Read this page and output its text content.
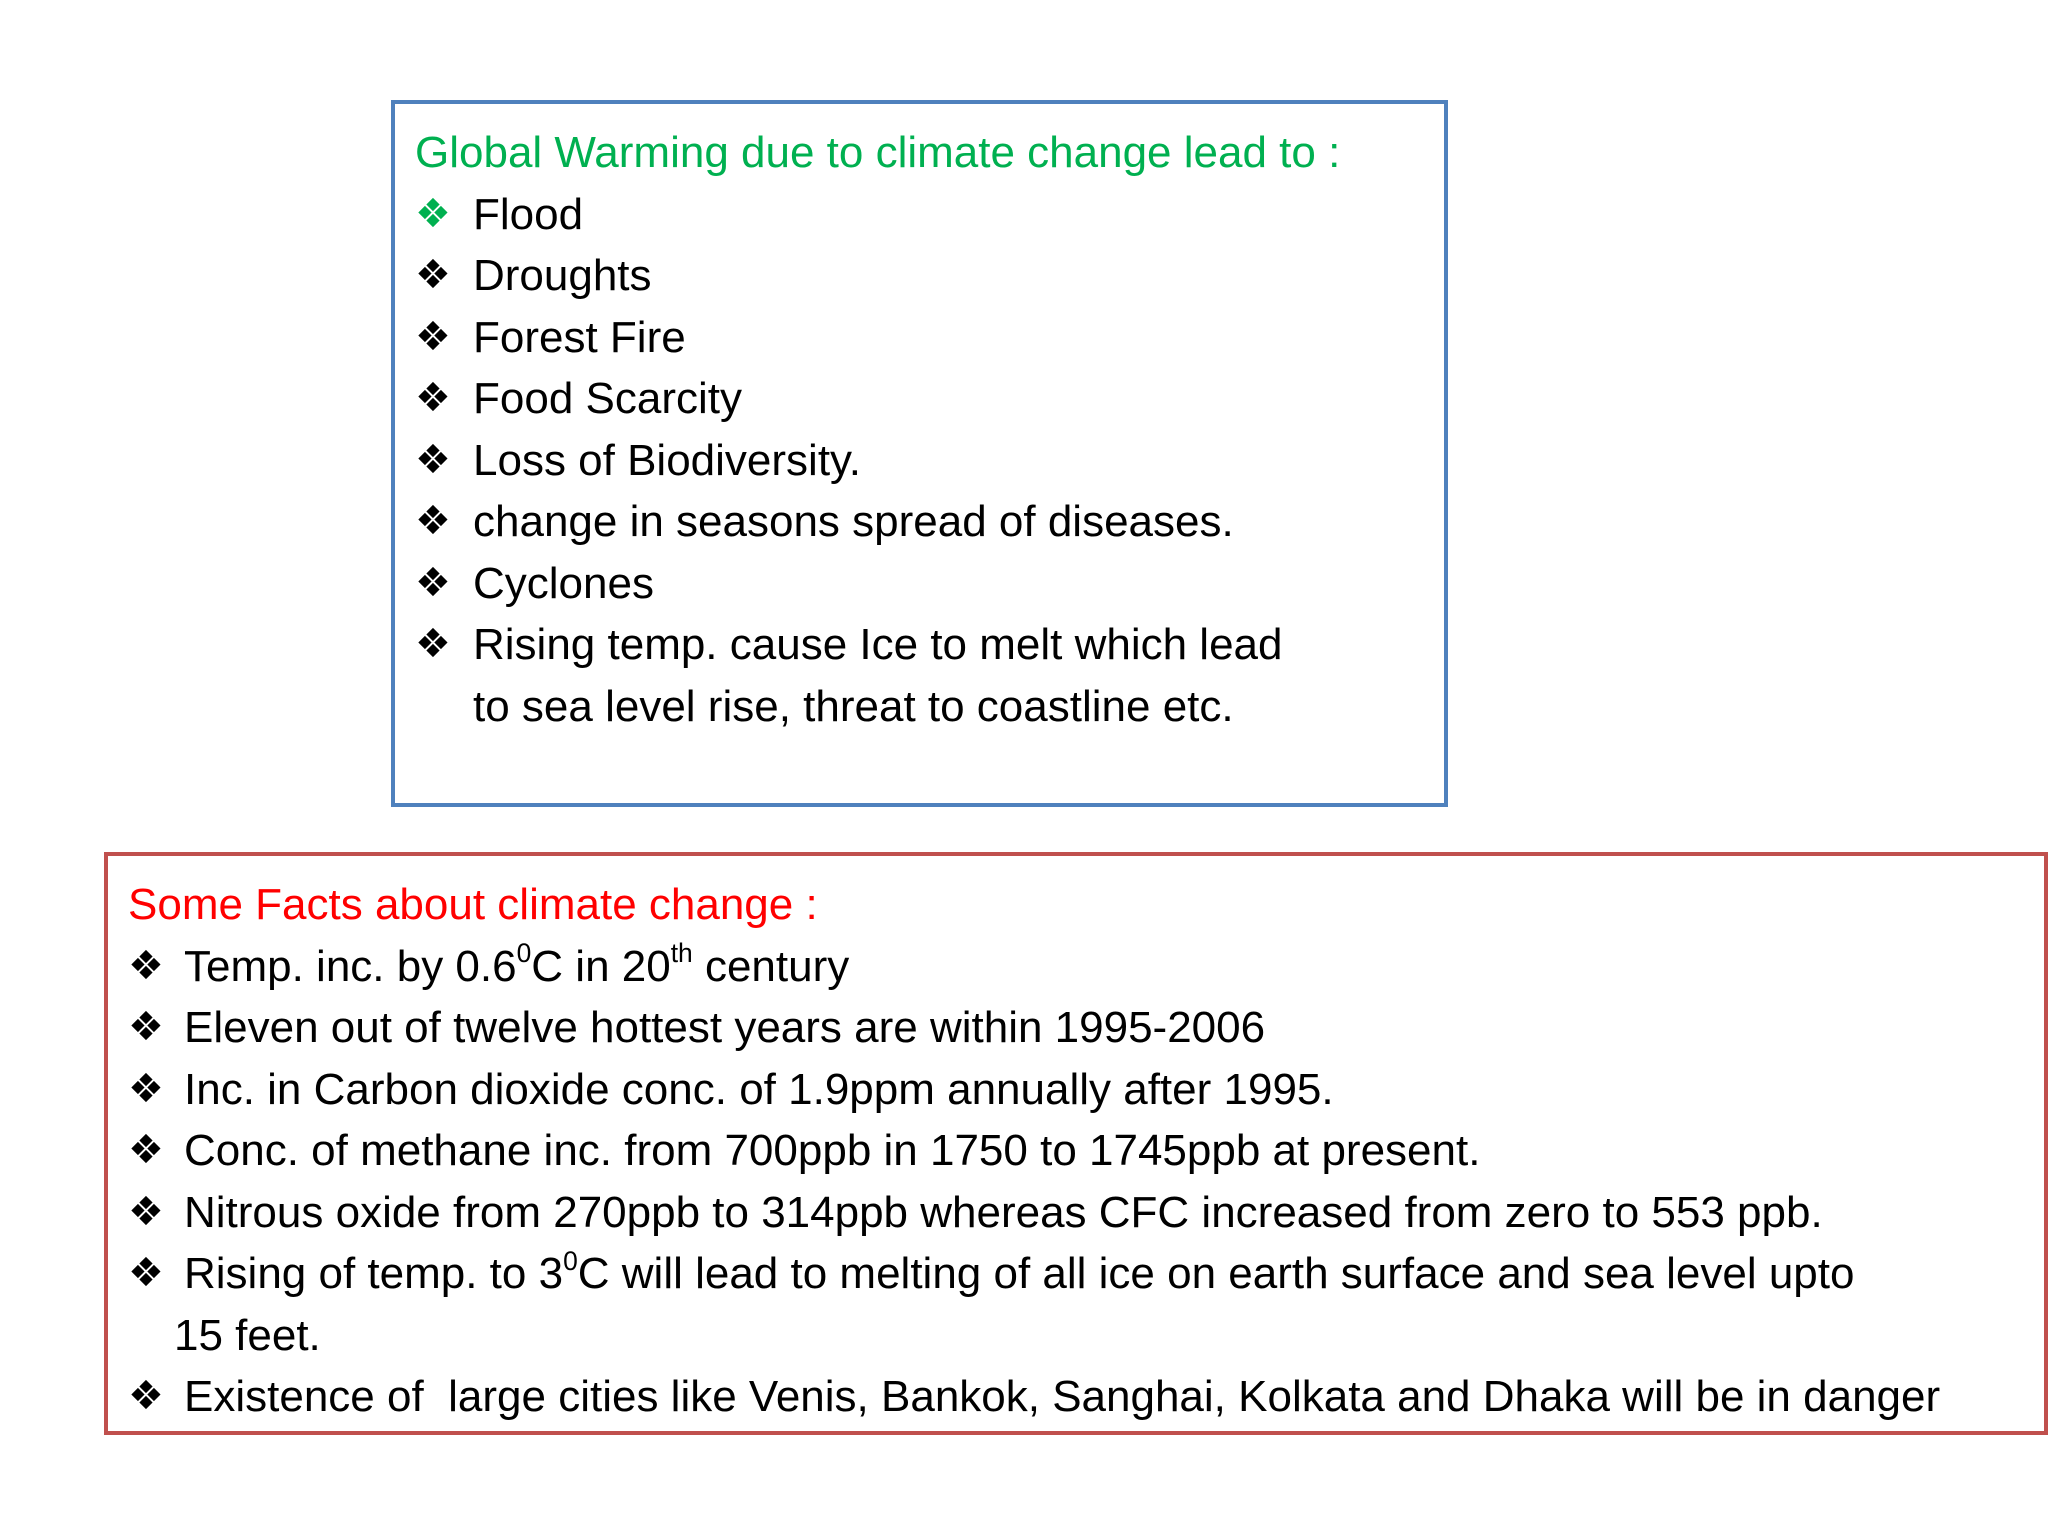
Global Warming due to climate change lead to :
❖ Flood
❖ Droughts
❖ Forest Fire
❖ Food Scarcity
❖ Loss of Biodiversity.
❖ change in seasons spread of diseases.
❖ Cyclones
❖ Rising temp. cause Ice to melt which lead
to sea level rise, threat to coastline etc.
Some Facts about climate change :
❖ Temp. inc. by $0.6^0C$ in 20th century
❖ Eleven out of twelve hottest years are within 1995-2006
❖ Inc. in Carbon dioxide conc. of 1.9ppm annually after 1995.
❖ Conc. of methane inc. from 700ppb in 1750 to 1745ppb at present.
❖ Nitrous oxide from 270ppb to 314ppb whereas CFC increased from zero to 553 ppb.
❖ Rising of temp. to $3^0C$ will lead to melting of all ice on earth surface and sea level upto
15 feet.
❖ Existence of  large cities like Venis, Bankok, Sanghai, Kolkata and Dhaka will be in danger
